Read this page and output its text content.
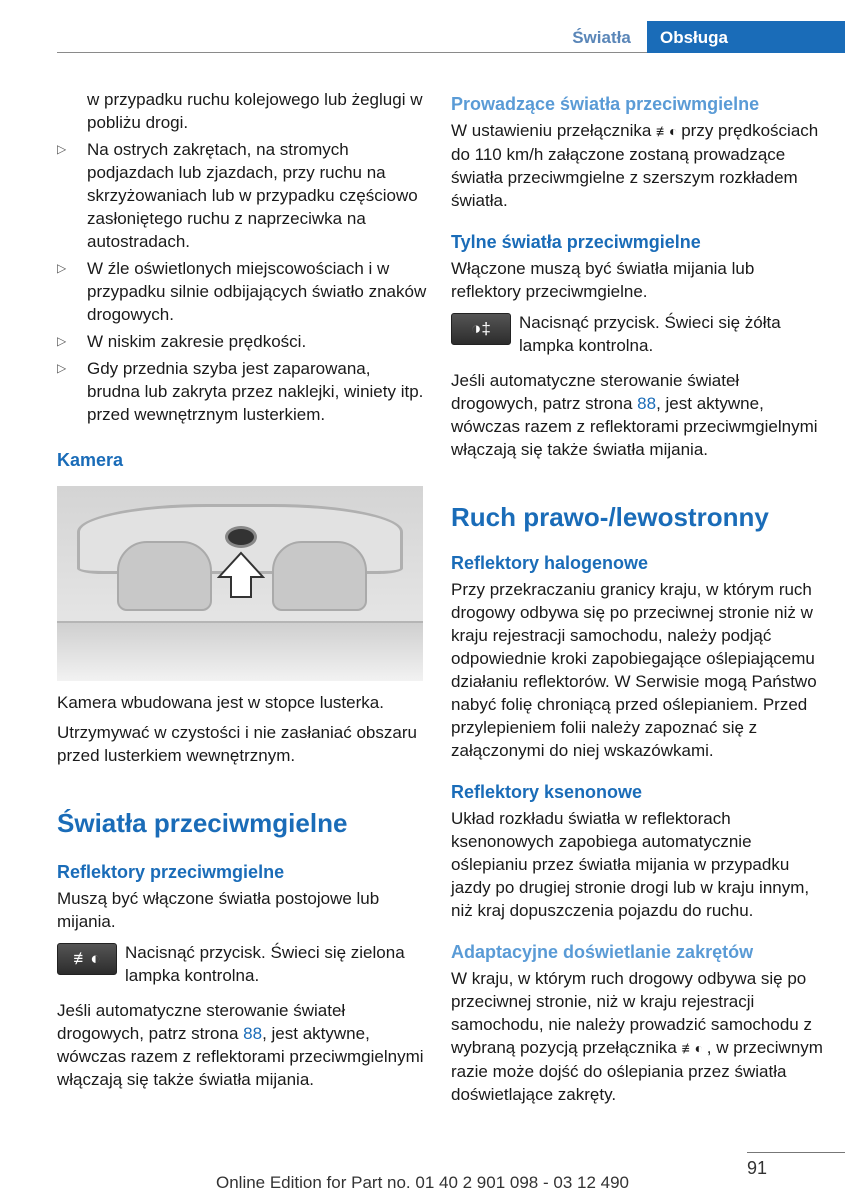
Światła	Obsługa

w przypadku ruchu kolejowego lub żeglugi w pobliżu drogi.

▷ Na ostrych zakrętach, na stromych podjazdach lub zjazdach, przy ruchu na skrzyżowaniach lub w przypadku częściowo zasłoniętego ruchu z naprzeciwka na autostradach.
▷ W źle oświetlonych miejscowościach i w przypadku silnie odbijających światło znaków drogowych.
▷ W niskim zakresie prędkości.
▷ Gdy przednia szyba jest zaparowana, brudna lub zakryta przez naklejki, winiety itp. przed wewnętrznym lusterkiem.
Kamera

Kamera wbudowana jest w stopce lusterka.

Utrzymywać w czystości i nie zasłaniać obszaru przed lusterkiem wewnętrznym.

Światła przeciwmgielne
Reflektory przeciwmgielne

Muszą być włączone światła postojowe lub mijania.

≢◐	Nacisnąć przycisk. Świeci się zielona lampka kontrolna.

Jeśli automatyczne sterowanie świateł drogowych, patrz strona 88, jest aktywne, wówczas razem z reflektorami przeciwmgielnymi włączają się także światła mijania.

Prowadzące światła przeciwmgielne

W ustawieniu przełącznika ≢◐ przy prędkościach do 110 km/h załączone zostaną prowadzące światła przeciwmgielne z szerszym rozkładem światła.

Tylne światła przeciwmgielne

Włączone muszą być światła mijania lub reflektory przeciwmgielne.

◑‡	Nacisnąć przycisk. Świeci się żółta lampka kontrolna.

Jeśli automatyczne sterowanie świateł drogowych, patrz strona 88, jest aktywne, wówczas razem z reflektorami przeciwmgielnymi włączają się także światła mijania.

Ruch prawo-/lewostronny
Reflektory halogenowe

Przy przekraczaniu granicy kraju, w którym ruch drogowy odbywa się po przeciwnej stronie niż w kraju rejestracji samochodu, należy podjąć odpowiednie kroki zapobiegające oślepiającemu działaniu reflektorów. W Serwisie mogą Państwo nabyć folię chroniącą przed oślepianiem. Przed przylepieniem folii należy zapoznać się z załączonymi do niej wskazówkami.

Reflektory ksenonowe

Układ rozkładu światła w reflektorach ksenonowych zapobiega automatycznie oślepianiu przez światła mijania w przypadku jazdy po drugiej stronie drogi lub w kraju innym, niż kraj dopuszczenia pojazdu do ruchu.

Adaptacyjne doświetlanie zakrętów

W kraju, w którym ruch drogowy odbywa się po przeciwnej stronie, niż w kraju rejestracji samochodu, nie należy prowadzić samochodu z wybraną pozycją przełącznika ≢◐ , w przeciwnym razie może dojść do oślepiania przez światła doświetlające zakręty.

91
Online Edition for Part no. 01 40 2 901 098 - 03 12 490
